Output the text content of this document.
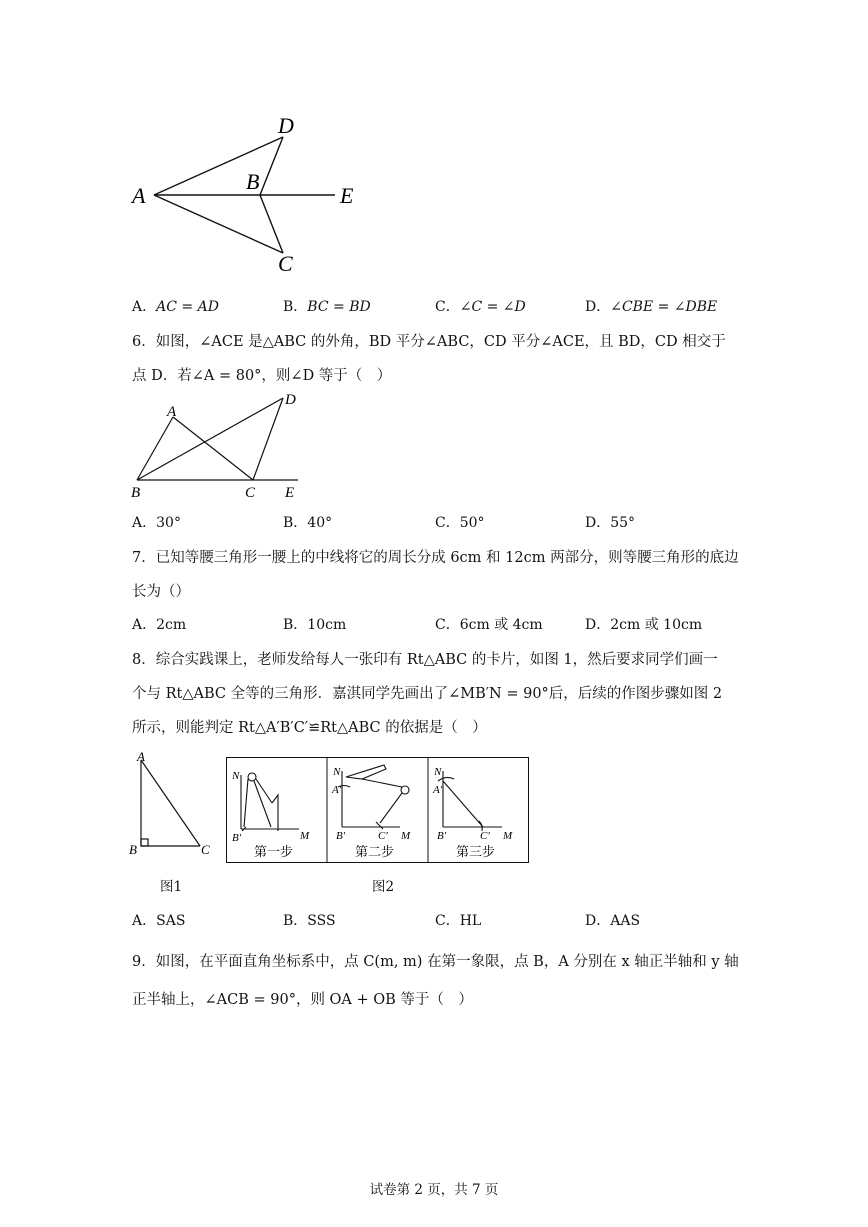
D
A
B
E
C
A．AC = AD	B．BC = BD	C．∠C = ∠D	D．∠CBE = ∠DBE
6．如图，∠ACE 是△ABC 的外角，BD 平分∠ABC，CD 平分∠ACE，且 BD，CD 相交于
点 D．若∠A = 80°，则∠D 等于（　）
A
D
B	C E
A．30°	B．40°	C．50°	D．55°
7．已知等腰三角形一腰上的中线将它的周长分成 6cm 和 12cm 两部分，则等腰三角形的底边
长为（）
A．2cm	B．10cm	C．6cm 或 4cm	D．2cm 或 10cm
8．综合实践课上，老师发给每人一张印有 Rt△ABC 的卡片，如图 1，然后要求同学们画一
个与 Rt△ABC 全等的三角形．嘉淇同学先画出了∠MB′N = 90°后，后续的作图步骤如图 2
所示，则能判定 Rt△A′B′C′≌Rt△ABC 的依据是（　）
A
B	C
图1
N
B′	M
第一步
N
A′
B′	C′ M
第二步
N
A′
B′	C′ M
第三步
图2
A．SAS	B．SSS	C．HL	D．AAS
9．如图，在平面直角坐标系中，点 C(m, m) 在第一象限，点 B，A 分别在 x 轴正半轴和 y 轴
正半轴上，∠ACB = 90°，则 OA + OB 等于（　）
试卷第 2 页，共 7 页
